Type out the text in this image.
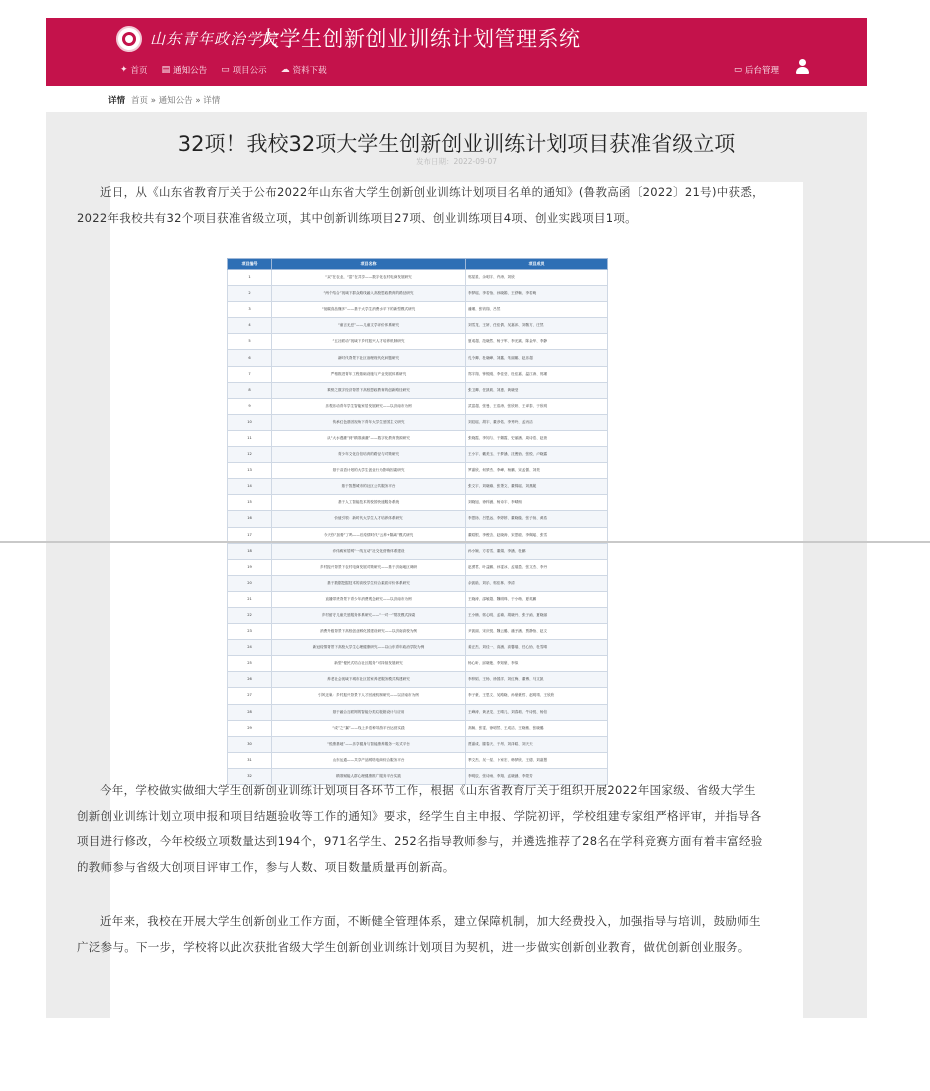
山东青年政治学院
大学生创新创业训练计划管理系统
✦ 首页 ▤ 通知公告 ▭ 项目公示 ☁ 资料下载	▭ 后台管理
详情 首页 » 通知公告 » 详情
32项！我校32项大学生创新创业训练计划项目获准省级立项
发布日期：2022-09-07
近日，从《山东省教育厅关于公布2022年山东省大学生创新创业训练计划项目名单的通知》(鲁教高函〔2022〕21号)中获悉，2022年我校共有32个项目获准省级立项，其中创新训练项目27项、创业训练项目4项、创业实践项目1项。
项目编号	项目名称	项目成员
1	“双”在农业，“富”在共享——数字化农村电商发展研究	郭星星、余明宇、许涛、刘欣
2	“两个结合”视域下群众路线融入高校思政教育的路径研究	李梦瑶、李若怡、孙晓娟、王舒畅、李若萌
3	“低碳食品懂多”——基于大学生消费水平下的新型模式研究	潘瑾、张钧翔、吕然
4	“童言无忌”——儿童文学评价体系研究	刘雪龙、王妍、任佳倩、吴嘉沐、刘敬方、庄然
5	“五社联动”视域下乡村振兴人才培养机制研究	夏成超、范晓然、杨子军、李光斌、陈金华、李静
6	新时代背景下社区治理现代化问题研究	孔令卿、杜晓峰、刘鑫、朱丽娜、赵乐超
7	严格推进青年工程基础设施与产业发展体系研究	郑宇翔、钟锐刚、李佳莹、杜佳嘉、温江涛、郭瑾
8	乘势之数字经济背景下高校思政教育的创新路径研究	张卫卿、任凯莉、刘惠、黄晓莹
9	乐观乐动青年学生智能家居发展研究——以济南市为例	武富超、张曼、王浩涛、张欣妍、王译泰、于欣玥
10	传承红色基因视角下青年大学生爱国主义研究	刘辰瑶、胡宇、董彦佑、李秀玲、孟丙洁
11	从“大水漫灌”到“精准滴灌”——数字化教育资源研究	张晓霞、李知与、于媚霞、史丽涵、周诗语、赵萱
12	青少年文化自信培育的路径与对策研究	王小宇、戴美玉、于梦涵、沈俊怡、张悦、卢晓露
13	基于双语计划的大学生创业行为影响因素研究	罗嘉欣、何梦杰、李峰、杨鹏、宋孟儒、刘昊
14	基于智慧城市的社区公共服务平台	张文宇、刘晓瑜、张萧文、董锦瑶、刘燕妮
15	基于人工智能技术的校园快递服务系统	刘晓旭、徐梓涵、杨诗宇、李晴朗
16	价值引领：新时代大学生人才培养体系研究	李思扬、吕思远、李婷婷、董晓璇、张子扬、黄浩
17	今天你“加餐”了吗——后疫情时代“云养+隔离”模式研究	董昭银、李俊含、赵晓涛、宋思聪、李佩瑶、张雪
18	乔伟威家居网“一线互动”社交化营销体系建设	孙小婉、方若雪、董娟、李涵、杜鹏
19	乡村振兴背景下农村电商发展对策研究——基于济南地区调研	赵勇君、叶益鹏、孙雯冰、孟瑞盈、张文杰、李丹
20	基于数据挖掘技术的高校学生综合素质评价体系研究	余凯晗、刘乐、郭佳林、李清
21	直播带货背景下青少年消费观念研究——以济南市为例	王晓涛、邵敏超、魏明珠、于小萌、夏英鹏
22	乡村留守儿童关爱服务体系研究——“一对一”帮扶模式探索	王小楠、郭心明、孟瑜、胡晓丹、张子函、夏晓丽
23	消费升级背景下高校创业孵化园建设研究——以济南高校为例	尹凯丽、宋庆悦、魏云璐、潘予涵、贾静怡、赵文
24	新冠疫情背景下高校大学生心理健康研究——以山东青年政治学院为例	姜正杰、刘佳一、高涵、高馨瑞、任心怡、杜雪晴
25	新型“便民式结合社区服务”可持续发展研究	杨心昕、邱晓艳、李知豪、李似
26	养老社会视域下城市社区居家养老服务模式构建研究	李梓韬、王杨、徐国洋、刘红梅、董博、马文凯
27	引风还巢：乡村振兴背景下人才回流机制研究——以济南市为例	李子豪、王思文、吴路晓、孙豪豪哲、赵明靖、王欣欣
28	基于融合互联网的智能分类垃圾箱设计与应用	王峰涛、黄圣龙、王晴儿、刘春莉、牛诗悦、杨信
29	“成”之“翼”——线上多语种导游平台运营实践	高畅、张雯、徐明然、王成洁、王晓敏、张晓璐
30	“悦康基地”——乐享健身与智能康养服务一站式平台	贾嘉成、滕春天、于昂、刘泽昭、刘天天
31	山东运通——共享产品网络电商综合服务平台	季文杰、吴一星、卜家宏、韩梦欣、王德、刘嘉慧
32	精准赋能人群心理健康推广服务平台实践	李明辰、张诗雨、李翔、孟晓涵、李蒙芳
今年，学校做实做细大学生创新创业训练计划项目各环节工作，根据《山东省教育厅关于组织开展2022年国家级、省级大学生创新创业训练计划立项申报和项目结题验收等工作的通知》要求，经学生自主申报、学院初评，学校组建专家组严格评审，并指导各项目进行修改，今年校级立项数量达到194个，971名学生、252名指导教师参与，并遴选推荐了28名在学科竞赛方面有着丰富经验的教师参与省级大创项目评审工作，参与人数、项目数量质量再创新高。
近年来，我校在开展大学生创新创业工作方面，不断健全管理体系，建立保障机制，加大经费投入，加强指导与培训，鼓励师生广泛参与。下一步，学校将以此次获批省级大学生创新创业训练计划项目为契机，进一步做实创新创业教育，做优创新创业服务。
